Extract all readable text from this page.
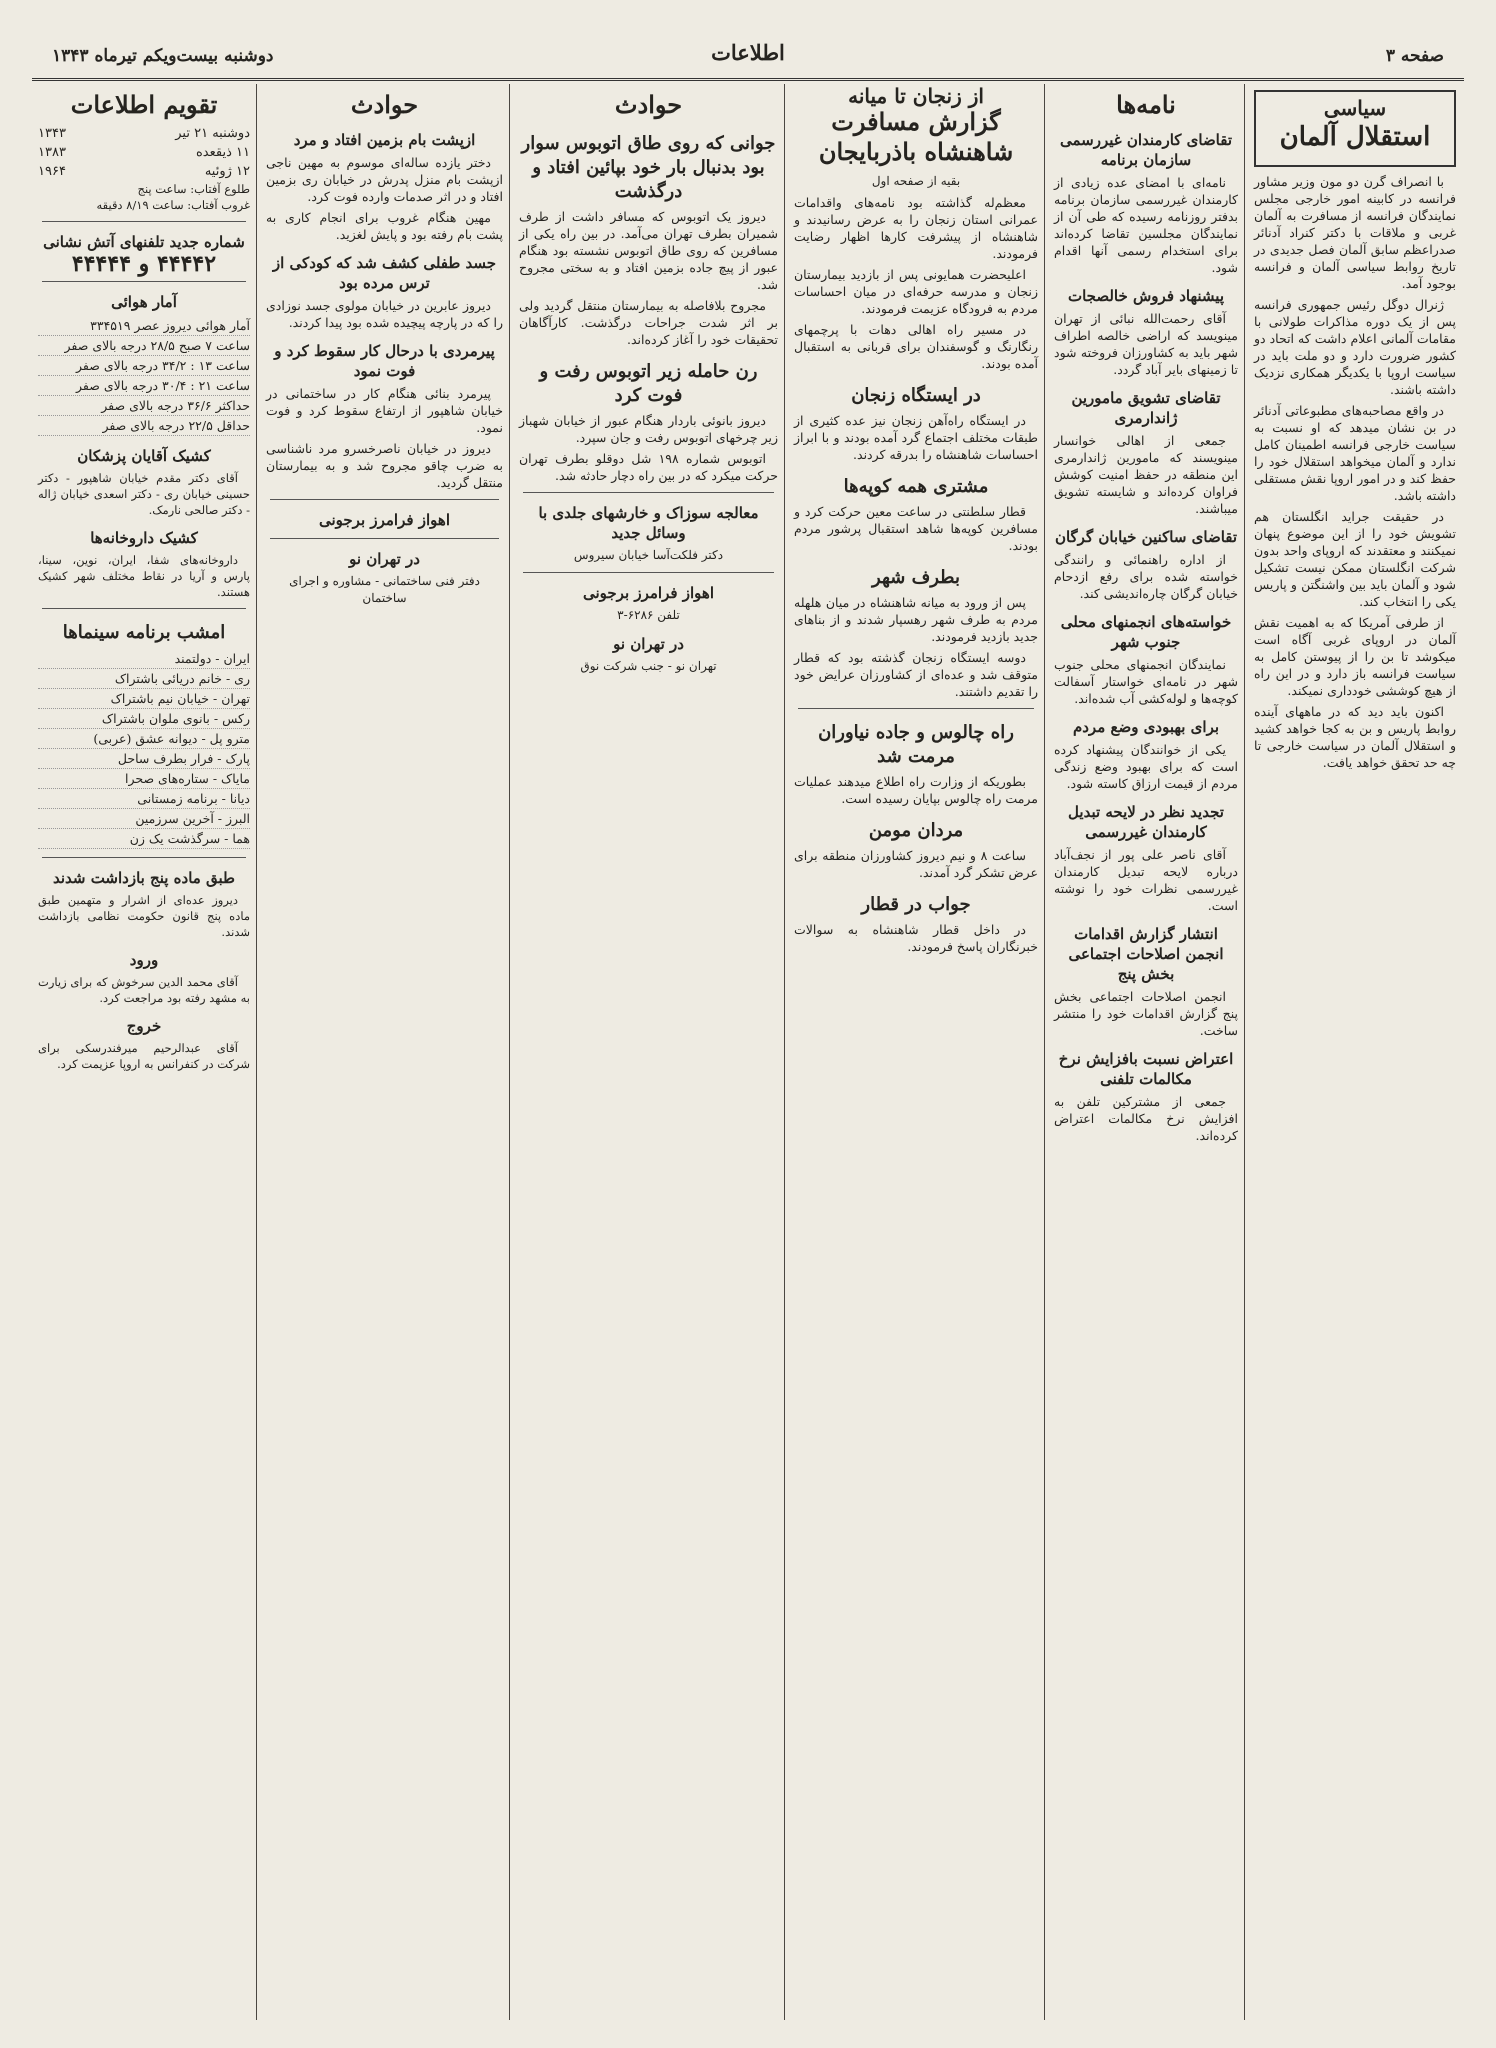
صفحه ۳
اطلاعات
دوشنبه بیست‌ویکم تیرماه ۱۳۴۳
سیاسی
استقلال آلمان

با انصراف گرن دو مون وزیر مشاور فرانسه در کابینه امور خارجی مجلس نمایندگان فرانسه از مسافرت به آلمان غربی و ملاقات با دکتر کنراد آدنائر صدراعظم سابق آلمان فصل جدیدی در تاریخ روابط سیاسی آلمان و فرانسه بوجود آمد.

ژنرال دوگل رئیس جمهوری فرانسه پس از یک دوره مذاکرات طولانی با مقامات آلمانی اعلام داشت که اتحاد دو کشور ضرورت دارد و دو ملت باید در سیاست اروپا با یکدیگر همکاری نزدیک داشته باشند.

در واقع مصاحبه‌های مطبوعاتی آدنائر در بن نشان میدهد که او نسبت به سیاست خارجی فرانسه اطمینان کامل ندارد و آلمان میخواهد استقلال خود را حفظ کند و در امور اروپا نقش مستقلی داشته باشد.

در حقیقت جراید انگلستان هم تشویش خود را از این موضوع پنهان نمیکنند و معتقدند که اروپای واحد بدون شرکت انگلستان ممکن نیست تشکیل شود و آلمان باید بین واشنگتن و پاریس یکی را انتخاب کند.

از طرفی آمریکا که به اهمیت نقش آلمان در اروپای غربی آگاه است میکوشد تا بن را از پیوستن کامل به سیاست فرانسه باز دارد و در این راه از هیچ کوششی خودداری نمیکند.

اکنون باید دید که در ماههای آینده روابط پاریس و بن به کجا خواهد کشید و استقلال آلمان در سیاست خارجی تا چه حد تحقق خواهد یافت.

نامه‌ها
تقاضای کارمندان غیررسمی سازمان برنامه

نامه‌ای با امضای عده زیادی از کارمندان غیررسمی سازمان برنامه بدفتر روزنامه رسیده که طی آن از نمایندگان مجلسین تقاضا کرده‌اند برای استخدام رسمی آنها اقدام شود.

پیشنهاد فروش خالصجات

آقای رحمت‌الله نبائی از تهران مینویسد که اراضی خالصه اطراف شهر باید به کشاورزان فروخته شود تا زمینهای بایر آباد گردد.

تقاضای تشویق مامورین ژاندارمری

جمعی از اهالی خوانسار مینویسند که مامورین ژاندارمری این منطقه در حفظ امنیت کوشش فراوان کرده‌اند و شایسته تشویق میباشند.

تقاضای ساکنین خیابان گرگان

از اداره راهنمائی و رانندگی خواسته شده برای رفع ازدحام خیابان گرگان چاره‌اندیشی کند.

خواسته‌های انجمنهای محلی جنوب شهر

نمایندگان انجمنهای محلی جنوب شهر در نامه‌ای خواستار آسفالت کوچه‌ها و لوله‌کشی آب شده‌اند.

برای بهبودی وضع مردم

یکی از خوانندگان پیشنهاد کرده است که برای بهبود وضع زندگی مردم از قیمت ارزاق کاسته شود.

تجدید نظر در لایحه تبدیل کارمندان غیررسمی

آقای ناصر علی پور از نجف‌آباد درباره لایحه تبدیل کارمندان غیررسمی نظرات خود را نوشته است.

انتشار گزارش اقدامات انجمن اصلاحات اجتماعی بخش پنج

انجمن اصلاحات اجتماعی بخش پنج گزارش اقدامات خود را منتشر ساخت.

اعتراض نسبت بافزایش نرخ مکالمات تلفنی

جمعی از مشترکین تلفن به افزایش نرخ مکالمات اعتراض کرده‌اند.

از زنجان تا میانه
گزارش مسافرت شاهنشاه باذربایجان
بقیه از صفحه اول

معظم‌له گذاشته بود نامه‌های واقدامات عمرانی استان زنجان را به عرض رسانیدند و شاهنشاه از پیشرفت کارها اظهار رضایت فرمودند.

اعلیحضرت همایونی پس از بازدید بیمارستان زنجان و مدرسه حرفه‌ای در میان احساسات مردم به فرودگاه عزیمت فرمودند.

در مسیر راه اهالی دهات با پرچمهای رنگارنگ و گوسفندان برای قربانی به استقبال آمده بودند.

در ایستگاه زنجان

در ایستگاه راه‌آهن زنجان نیز عده کثیری از طبقات مختلف اجتماع گرد آمده بودند و با ابراز احساسات شاهنشاه را بدرقه کردند.

مشتری همه کوپه‌ها

قطار سلطنتی در ساعت معین حرکت کرد و مسافرین کوپه‌ها شاهد استقبال پرشور مردم بودند.

بطرف شهر

پس از ورود به میانه شاهنشاه در میان هلهله مردم به طرف شهر رهسپار شدند و از بناهای جدید بازدید فرمودند.

دوسه ایستگاه زنجان گذشته بود که قطار متوقف شد و عده‌ای از کشاورزان عرایض خود را تقدیم داشتند.

راه چالوس و جاده نیاوران مرمت شد

بطوریکه از وزارت راه اطلاع میدهند عملیات مرمت راه چالوس بپایان رسیده است.

مردان مومن

ساعت ۸ و نیم دیروز کشاورزان منطقه برای عرض تشکر گرد آمدند.

جواب در قطار

در داخل قطار شاهنشاه به سوالات خبرنگاران پاسخ فرمودند.

حوادث
جوانی که روی طاق اتوبوس سوار بود بدنبال بار خود بپائین افتاد و درگذشت

دیروز یک اتوبوس که مسافر داشت از طرف شمیران بطرف تهران می‌آمد. در بین راه یکی از مسافرین که روی طاق اتوبوس نشسته بود هنگام عبور از پیچ جاده بزمین افتاد و به سختی مجروح شد.

مجروح بلافاصله به بیمارستان منتقل گردید ولی بر اثر شدت جراحات درگذشت. کارآگاهان تحقیقات خود را آغاز کرده‌اند.

رن حامله زیر اتوبوس رفت و فوت کرد

دیروز بانوئی باردار هنگام عبور از خیابان شهباز زیر چرخهای اتوبوس رفت و جان سپرد.

اتوبوس شماره ۱۹۸ شل دوقلو بطرف تهران حرکت میکرد که در بین راه دچار حادثه شد.

معالجه سوزاک و خارشهای جلدی با وسائل جدید
دکتر فلکت‌آسا خیابان سیروس
اهواز فرامرز برجونی
تلفن ۶۲۸۶-۳
در تهران نو
تهران نو - جنب شرکت نوق
حوادث
ازپشت بام بزمین افتاد و مرد

دختر یازده ساله‌ای موسوم به مهین ناجی ازپشت بام منزل پدرش در خیابان ری بزمین افتاد و در اثر صدمات وارده فوت کرد.

مهین هنگام غروب برای انجام کاری به پشت بام رفته بود و پایش لغزید.

جسد طفلی کشف شد که کودکی از ترس مرده بود

دیروز عابرین در خیابان مولوی جسد نوزادی را که در پارچه پیچیده شده بود پیدا کردند.

پیرمردی با درحال کار سقوط کرد و فوت نمود

پیرمرد بنائی هنگام کار در ساختمانی در خیابان شاهپور از ارتفاع سقوط کرد و فوت نمود.

دیروز در خیابان ناصرخسرو مرد ناشناسی به ضرب چاقو مجروح شد و به بیمارستان منتقل گردید.

اهواز فرامرز برجونی
در تهران نو
دفتر فنی ساختمانی - مشاوره و اجرای ساختمان
تقویم اطلاعات
دوشنبه ۲۱ تیر
۱۳۴۳
۱۱ ذیقعده
۱۳۸۳
۱۲ ژوئیه
۱۹۶۴
طلوع آفتاب: ساعت پنج
غروب آفتاب: ساعت ۸/۱۹ دقیقه
شماره جدید تلفنهای آتش نشانی
۴۴۴۴۲ و ۴۴۴۴۴
آمار هوائی
آمار هوائی دیروز عصر ۳۳۴۵۱۹
ساعت ۷ صبح ۲۸/۵ درجه بالای صفر
ساعت ۱۳ : ۳۴/۲ درجه بالای صفر
ساعت ۲۱ : ۳۰/۴ درجه بالای صفر
حداکثر ۳۶/۶ درجه بالای صفر
حداقل ۲۲/۵ درجه بالای صفر
کشیک آقایان پزشکان

آقای دکتر مقدم خیابان شاهپور - دکتر حسینی خیابان ری - دکتر اسعدی خیابان ژاله - دکتر صالحی نارمک.

کشیک داروخانه‌ها

داروخانه‌های شفا، ایران، نوین، سینا، پارس و آریا در نقاط مختلف شهر کشیک هستند.

امشب برنامه سینماها
ایران - دولتمند
ری - خانم دریائی باشتراک
تهران - خیابان نیم باشتراک
رکس - بانوی ملوان باشتراک
مترو پل - دیوانه عشق (عربی)
پارک - فرار بطرف ساحل
مایاک - ستاره‌های صحرا
دیانا - برنامه زمستانی
البرز - آخرین سرزمین
هما - سرگذشت یک زن
طبق ماده پنج بازداشت شدند

دیروز عده‌ای از اشرار و متهمین طبق ماده پنج قانون حکومت نظامی بازداشت شدند.

ورود

آقای محمد الدین سرخوش که برای زیارت به مشهد رفته بود مراجعت کرد.

خروج

آقای عبدالرحیم میرفندرسکی برای شرکت در کنفرانس به اروپا عزیمت کرد.
